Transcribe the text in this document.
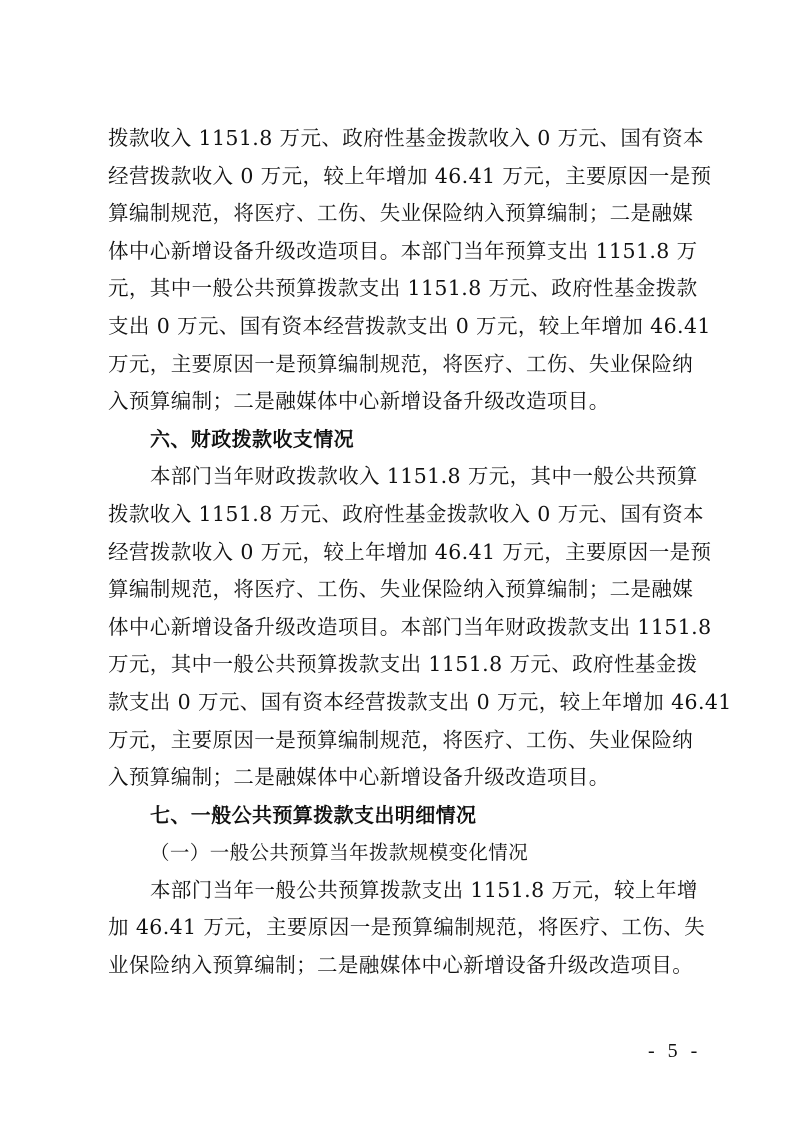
拨款收入 1151.8 万元、政府性基金拨款收入 0 万元、国有资本
经营拨款收入 0 万元，较上年增加 46.41 万元，主要原因一是预
算编制规范，将医疗、工伤、失业保险纳入预算编制；二是融媒
体中心新增设备升级改造项目。本部门当年预算支出 1151.8 万
元，其中一般公共预算拨款支出 1151.8 万元、政府性基金拨款
支出 0 万元、国有资本经营拨款支出 0 万元，较上年增加 46.41
万元，主要原因一是预算编制规范，将医疗、工伤、失业保险纳
入预算编制；二是融媒体中心新增设备升级改造项目。
六、财政拨款收支情况
本部门当年财政拨款收入 1151.8 万元，其中一般公共预算
拨款收入 1151.8 万元、政府性基金拨款收入 0 万元、国有资本
经营拨款收入 0 万元，较上年增加 46.41 万元，主要原因一是预
算编制规范，将医疗、工伤、失业保险纳入预算编制；二是融媒
体中心新增设备升级改造项目。本部门当年财政拨款支出 1151.8
万元，其中一般公共预算拨款支出 1151.8 万元、政府性基金拨
款支出 0 万元、国有资本经营拨款支出 0 万元，较上年增加 46.41
万元，主要原因一是预算编制规范，将医疗、工伤、失业保险纳
入预算编制；二是融媒体中心新增设备升级改造项目。
七、一般公共预算拨款支出明细情况
（一）一般公共预算当年拨款规模变化情况
本部门当年一般公共预算拨款支出 1151.8 万元，较上年增
加 46.41 万元，主要原因一是预算编制规范，将医疗、工伤、失
业保险纳入预算编制；二是融媒体中心新增设备升级改造项目。
- 5 -
